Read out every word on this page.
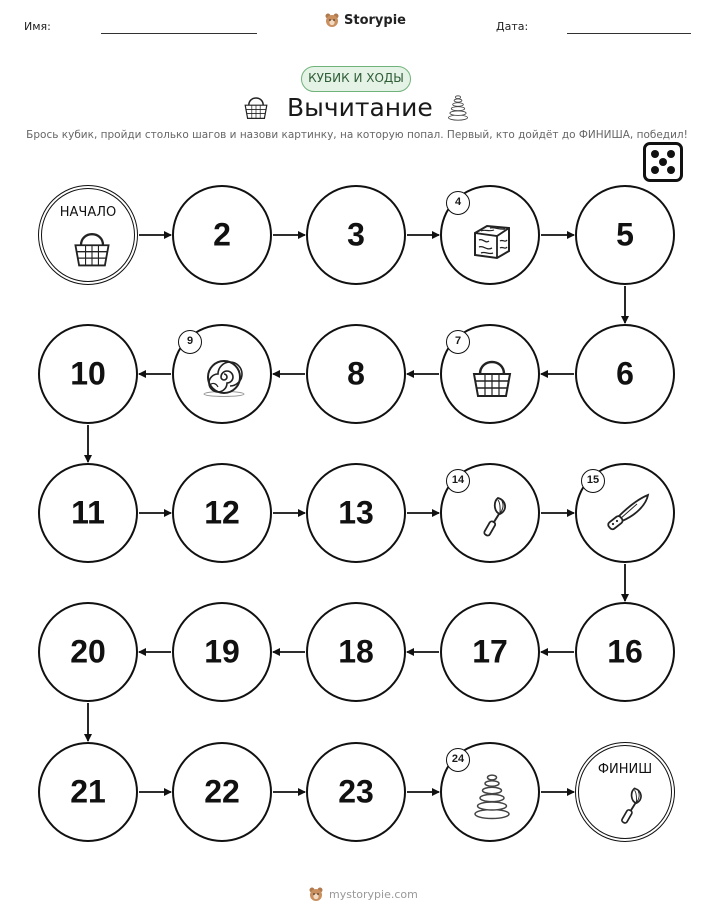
Имя:	Storypie	Дата:
КУБИК И ХОДЫ
Вычитание
Брось кубик, пройди столько шагов и назови картинку, на которую попал. Первый, кто дойдёт до ФИНИША, победил!
НАЧАЛО
2	3
4
5
6
7
8
9
10
11	12	13
14	15
16
17
18
19
20
21	22	23
24
ФИНИШ
mystorypie.com
